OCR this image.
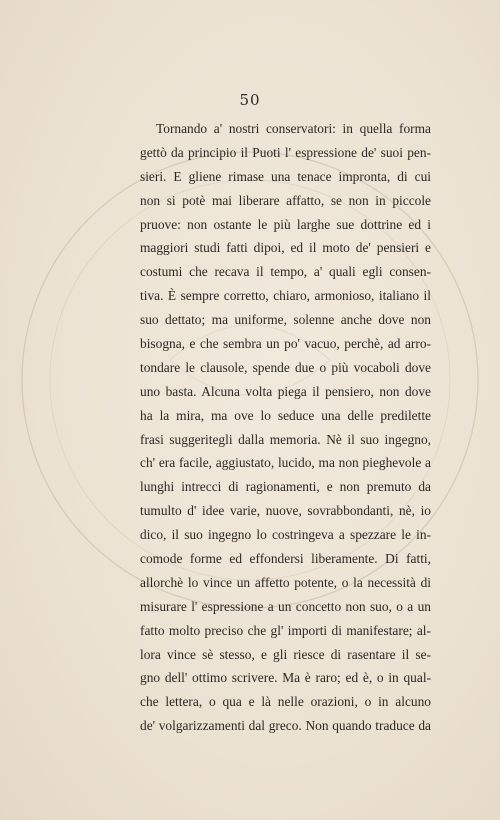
50
Tornando a' nostri conservatori: in quella forma
gettò da principio il Puoti l' espressione de' suoi pen-
sieri. E gliene rimase una tenace impronta, di cui
non si potè mai liberare affatto, se non in piccole
pruove: non ostante le più larghe sue dottrine ed i
maggiori studi fatti dipoi, ed il moto de' pensieri e
costumi che recava il tempo, a' quali egli consen-
tiva. È sempre corretto, chiaro, armonioso, italiano il
suo dettato; ma uniforme, solenne anche dove non
bisogna, e che sembra un po' vacuo, perchè, ad arro-
tondare le clausole, spende due o più vocaboli dove
uno basta. Alcuna volta piega il pensiero, non dove
ha la mira, ma ove lo seduce una delle predilette
frasi suggeritegli dalla memoria. Nè il suo ingegno,
ch' era facile, aggiustato, lucido, ma non pieghevole a
lunghi intrecci di ragionamenti, e non premuto da
tumulto d' idee varie, nuove, sovrabbondanti, nè, io
dico, il suo ingegno lo costringeva a spezzare le in-
comode forme ed effondersi liberamente. Di fatti,
allorchè lo vince un affetto potente, o la necessità di
misurare l' espressione a un concetto non suo, o a un
fatto molto preciso che gl' importi di manifestare; al-
lora vince sè stesso, e gli riesce di rasentare il se-
gno dell' ottimo scrivere. Ma è raro; ed è, o in qual-
che lettera, o qua e là nelle orazioni, o in alcuno
de' volgarizzamenti dal greco. Non quando traduce da
